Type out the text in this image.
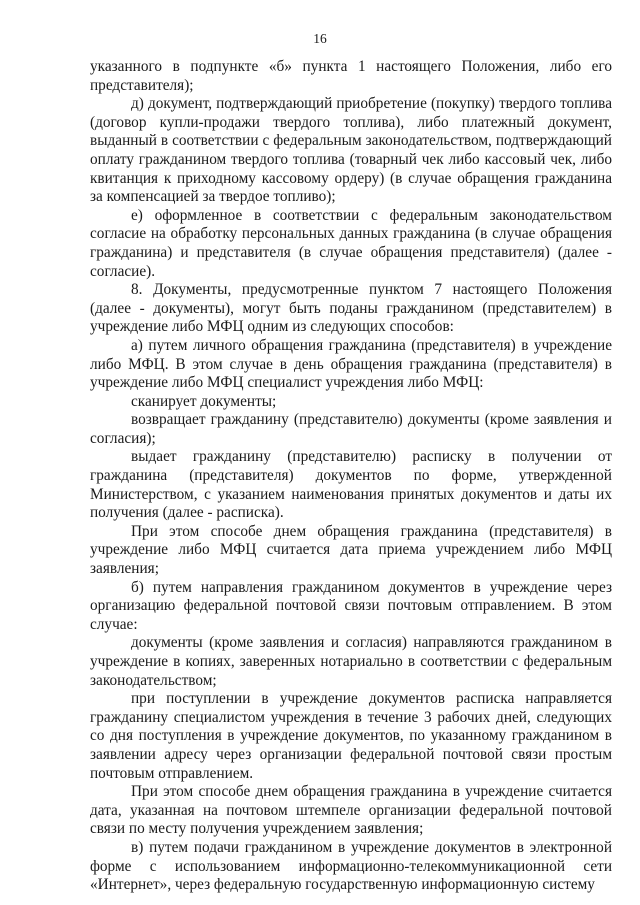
16

указанного в подпункте «б» пункта 1 настоящего Положения, либо его представителя);

д) документ, подтверждающий приобретение (покупку) твердого топлива (договор купли-продажи твердого топлива), либо платежный документ, выданный в соответствии с федеральным законодательством, подтверждающий оплату гражданином твердого топлива (товарный чек либо кассовый чек, либо квитанция к приходному кассовому ордеру) (в случае обращения гражданина за компенсацией за твердое топливо);

е) оформленное в соответствии с федеральным законодательством согласие на обработку персональных данных гражданина (в случае обращения гражданина) и представителя (в случае обращения представителя) (далее - согласие).

8. Документы, предусмотренные пунктом 7 настоящего Положения (далее - документы), могут быть поданы гражданином (представителем) в учреждение либо МФЦ одним из следующих способов:

а) путем личного обращения гражданина (представителя) в учреждение либо МФЦ. В этом случае в день обращения гражданина (представителя) в учреждение либо МФЦ специалист учреждения либо МФЦ:

сканирует документы;

возвращает гражданину (представителю) документы (кроме заявления и согласия);

выдает гражданину (представителю) расписку в получении от гражданина (представителя) документов по форме, утвержденной Министерством, с указанием наименования принятых документов и даты их получения (далее - расписка).

При этом способе днем обращения гражданина (представителя) в учреждение либо МФЦ считается дата приема учреждением либо МФЦ заявления;

б) путем направления гражданином документов в учреждение через организацию федеральной почтовой связи почтовым отправлением. В этом случае:

документы (кроме заявления и согласия) направляются гражданином в учреждение в копиях, заверенных нотариально в соответствии с федеральным законодательством;

при поступлении в учреждение документов расписка направляется гражданину специалистом учреждения в течение 3 рабочих дней, следующих со дня поступления в учреждение документов, по указанному гражданином в заявлении адресу через организации федеральной почтовой связи простым почтовым отправлением.

При этом способе днем обращения гражданина в учреждение считается дата, указанная на почтовом штемпеле организации федеральной почтовой связи по месту получения учреждением заявления;

в) путем подачи гражданином в учреждение документов в электронной форме с использованием информационно-телекоммуникационной сети «Интернет», через федеральную государственную информационную систему
